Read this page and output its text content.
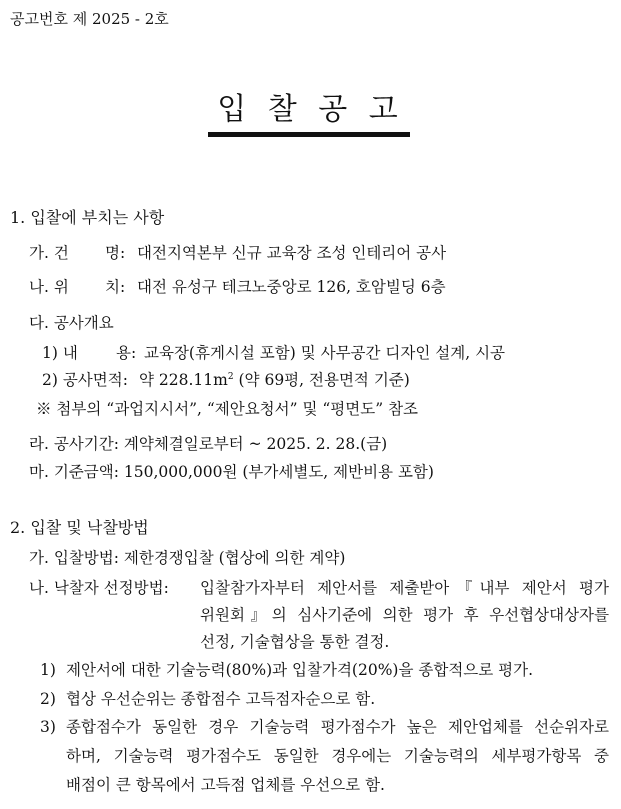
공고번호 제 2025 - 2호
입 찰 공 고
1. 입찰에 부치는 사항
가. 건 명: 대전지역본부 신규 교육장 조성 인테리어 공사
나. 위 치: 대전 유성구 테크노중앙로 126, 호암빌딩 6층
다. 공사개요
1) 내 용: 교육장(휴게시설 포함) 및 사무공간 디자인 설계, 시공
2) 공사면적: 약 $228.11m^2$ (약 69평, 전용면적 기준)
※ 첨부의 “과업지시서”, “제안요청서” 및 “평면도” 참조
라. 공사기간: 계약체결일로부터 ~ 2025. 2. 28.(금)
마. 기준금액: 150,000,000원 (부가세별도, 제반비용 포함)
2. 입찰 및 낙찰방법
가. 입찰방법: 제한경쟁입찰 (협상에 의한 계약)
나. 낙찰자 선정방법: 입찰참가자부터 제안서를 제출받아『내부 제안서 평가
위원회』의 심사기준에 의한 평가 후 우선협상대상자를
선정, 기술협상을 통한 결정.
1) 제안서에 대한 기술능력(80%)과 입찰가격(20%)을 종합적으로 평가.
2) 협상 우선순위는 종합점수 고득점자순으로 함.
3) 종합점수가 동일한 경우 기술능력 평가점수가 높은 제안업체를 선순위자로
하며, 기술능력 평가점수도 동일한 경우에는 기술능력의 세부평가항목 중
배점이 큰 항목에서 고득점 업체를 우선으로 함.
